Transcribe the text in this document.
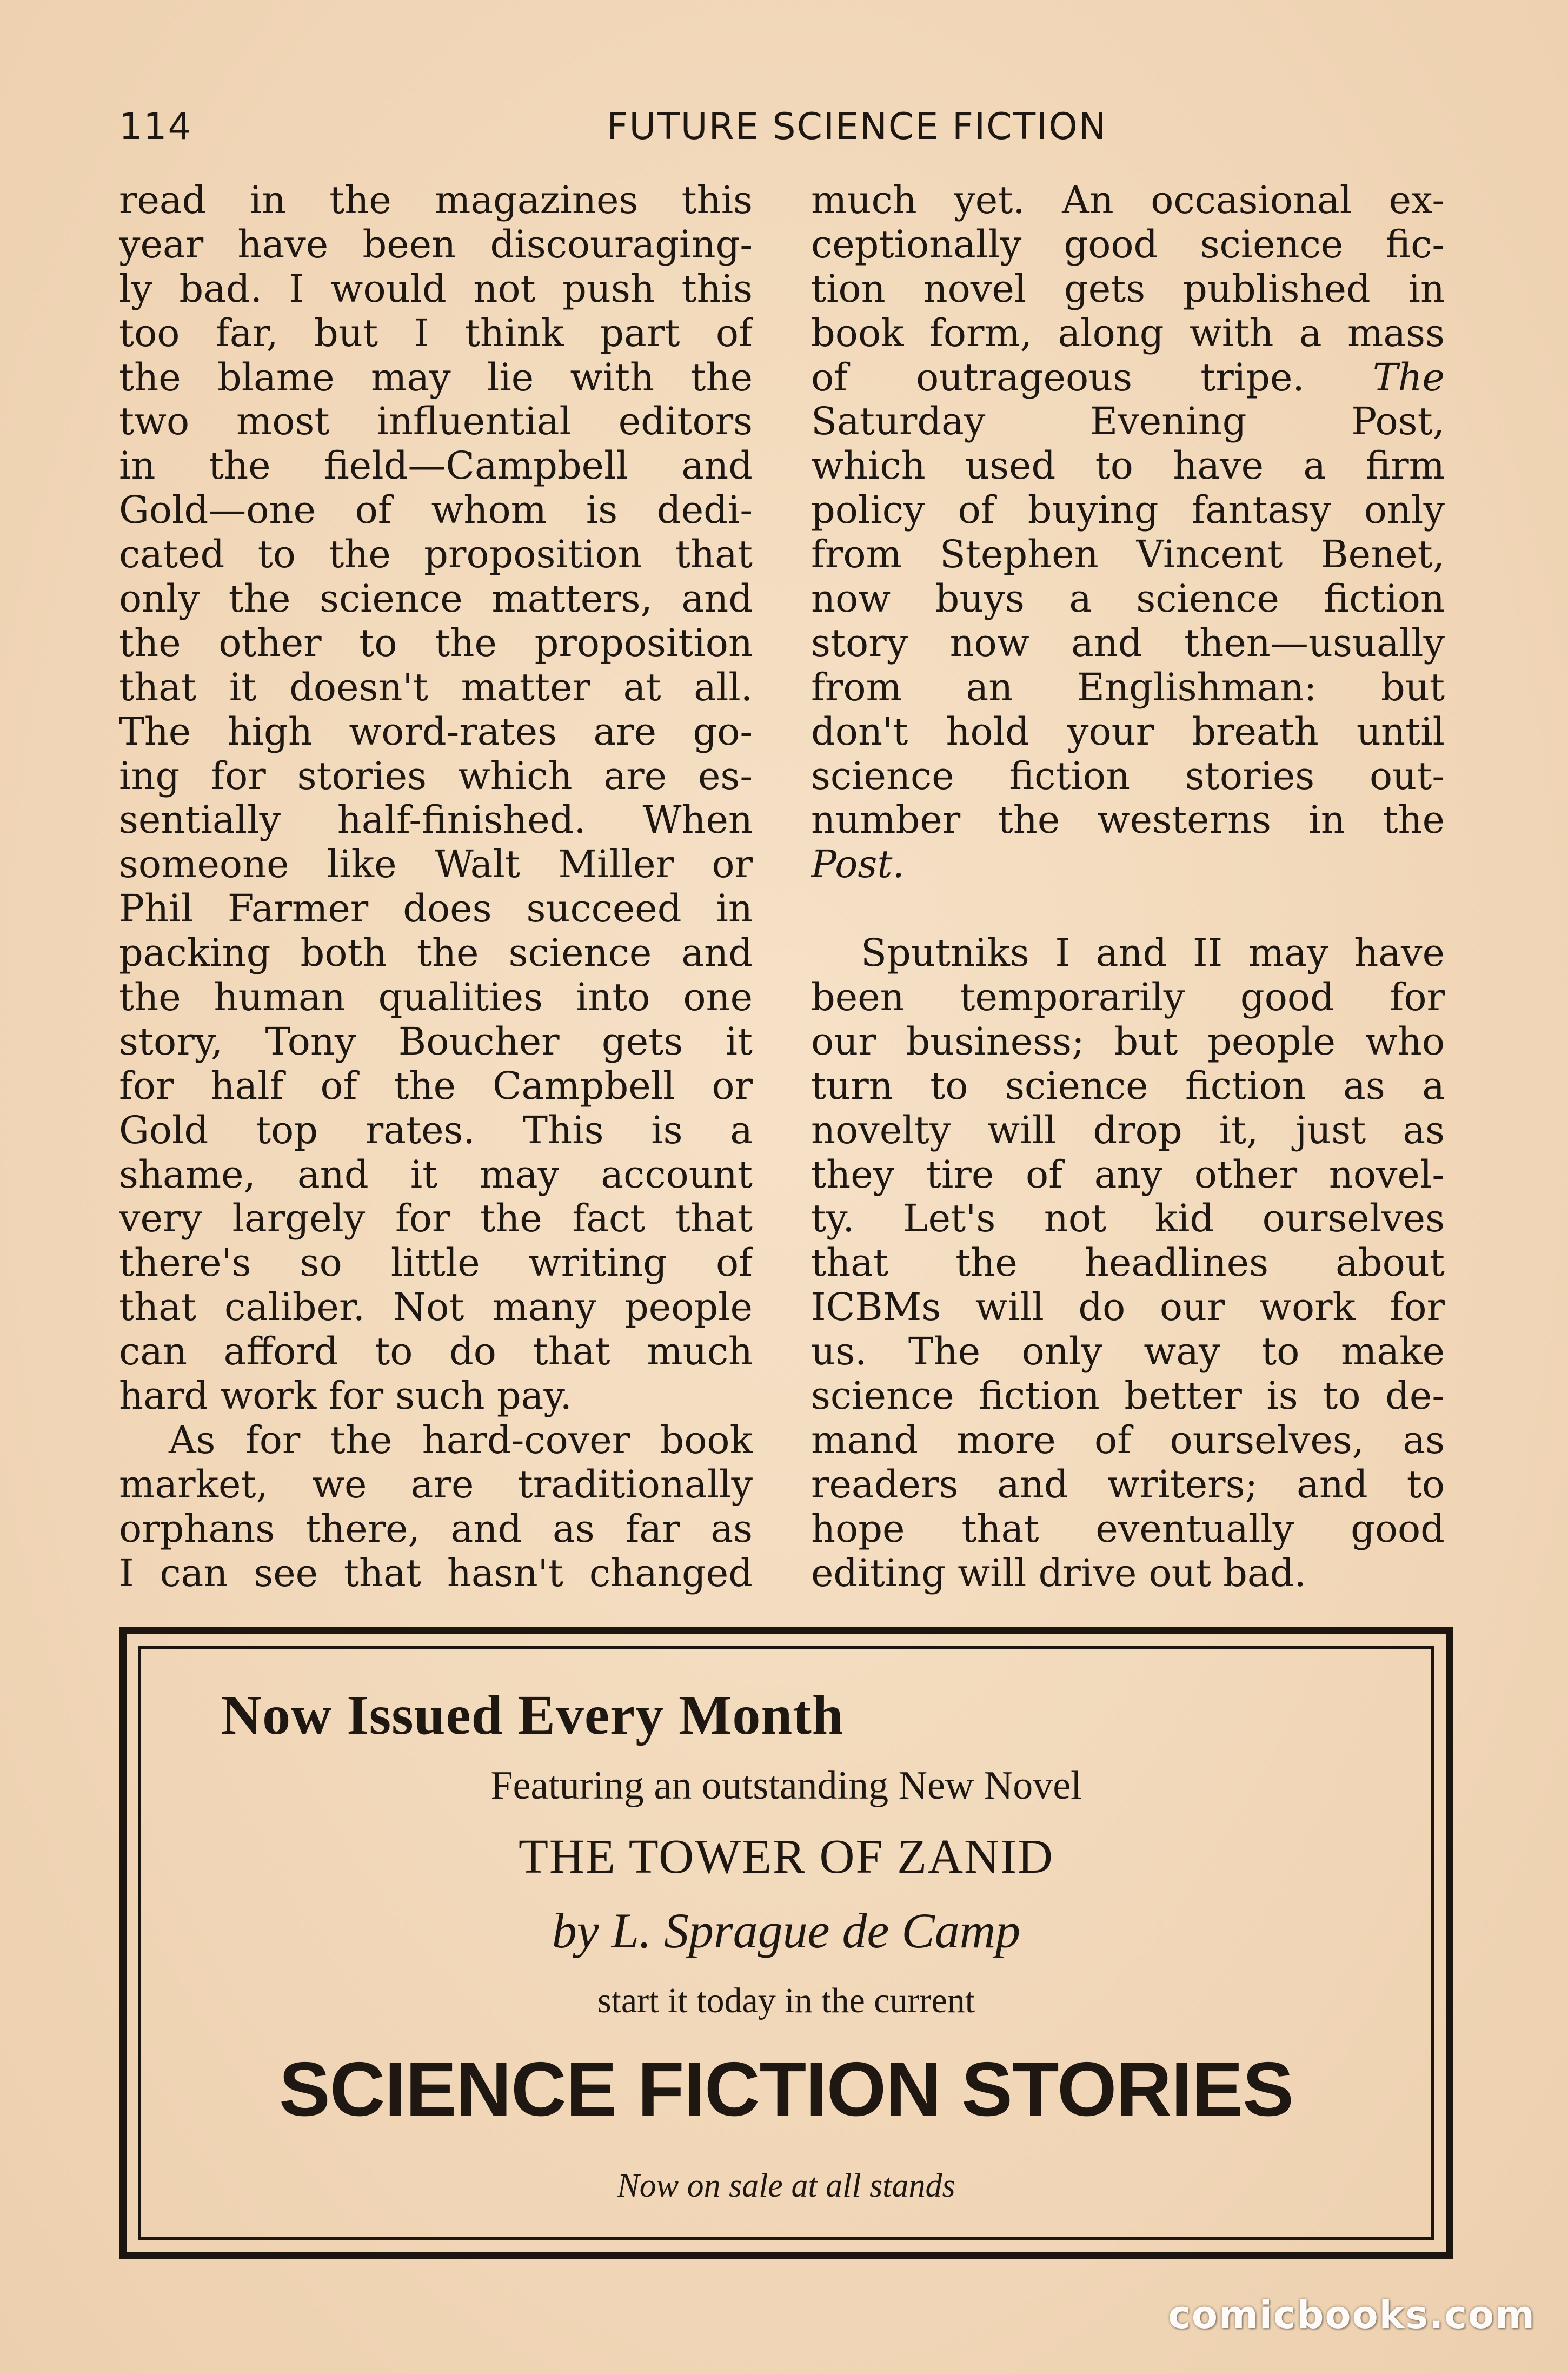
114	FUTURE SCIENCE FICTION
read in the magazines this
year have been discouraging-
ly bad. I would not push this
too far, but I think part of
the blame may lie with the
two most influential editors
in the field—Campbell and
Gold—one of whom is dedi-
cated to the proposition that
only the science matters, and
the other to the proposition
that it doesn't matter at all.
The high word-rates are go-
ing for stories which are es-
sentially half-finished. When
someone like Walt Miller or
Phil Farmer does succeed in
packing both the science and
the human qualities into one
story, Tony Boucher gets it
for half of the Campbell or
Gold top rates. This is a
shame, and it may account
very largely for the fact that
there's so little writing of
that caliber. Not many people
can afford to do that much
hard work for such pay.
As for the hard-cover book
market, we are traditionally
orphans there, and as far as
I can see that hasn't changed
much yet. An occasional ex-
ceptionally good science fic-
tion novel gets published in
book form, along with a mass
of outrageous tripe. The
Saturday Evening Post,
which used to have a firm
policy of buying fantasy only
from Stephen Vincent Benet,
now buys a science fiction
story now and then—usually
from an Englishman: but
don't hold your breath until
science fiction stories out-
number the westerns in the
Post.
Sputniks I and II may have
been temporarily good for
our business; but people who
turn to science fiction as a
novelty will drop it, just as
they tire of any other novel-
ty. Let's not kid ourselves
that the headlines about
ICBMs will do our work for
us. The only way to make
science fiction better is to de-
mand more of ourselves, as
readers and writers; and to
hope that eventually good
editing will drive out bad.
Now Issued Every Month
Featuring an outstanding New Novel
THE TOWER OF ZANID
by L. Sprague de Camp
start it today in the current
SCIENCE FICTION STORIES
Now on sale at all stands
comicbooks.com
